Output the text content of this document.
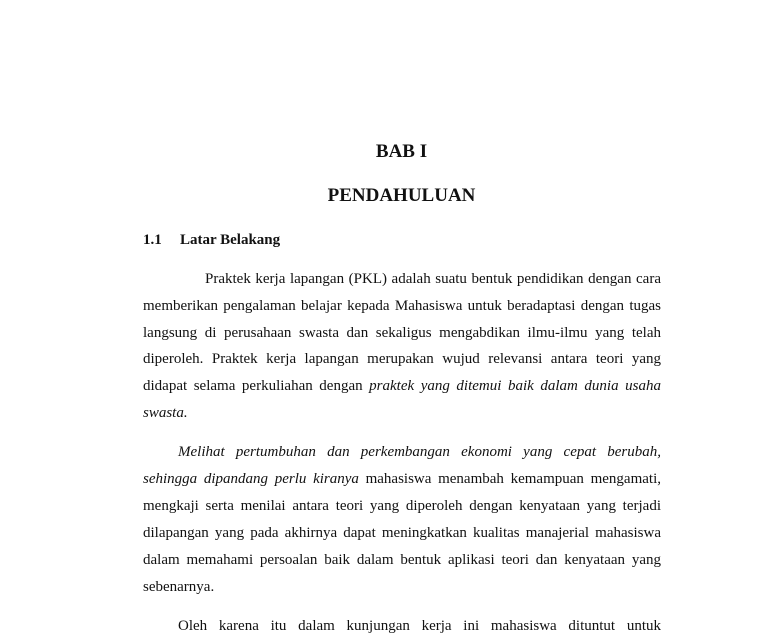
BAB I
PENDAHULUAN
1.1 Latar Belakang
Praktek kerja lapangan (PKL) adalah suatu bentuk pendidikan dengan cara
memberikan pengalaman belajar kepada Mahasiswa untuk beradaptasi dengan tugas
langsung di perusahaan swasta dan sekaligus mengabdikan ilmu-ilmu yang telah
diperoleh. Praktek kerja lapangan merupakan wujud relevansi antara teori yang
didapat selama perkuliahan dengan praktek yang ditemui baik dalam dunia usaha
swasta.
Melihat pertumbuhan dan perkembangan ekonomi yang cepat berubah,
sehingga dipandang perlu kiranya mahasiswa menambah kemampuan mengamati,
mengkaji serta menilai antara teori yang diperoleh dengan kenyataan yang terjadi
dilapangan yang pada akhirnya dapat meningkatkan kualitas manajerial mahasiswa
dalam memahami persoalan baik dalam bentuk aplikasi teori dan kenyataan yang
sebenarnya.
Oleh karena itu dalam kunjungan kerja ini mahasiswa dituntut untuk
